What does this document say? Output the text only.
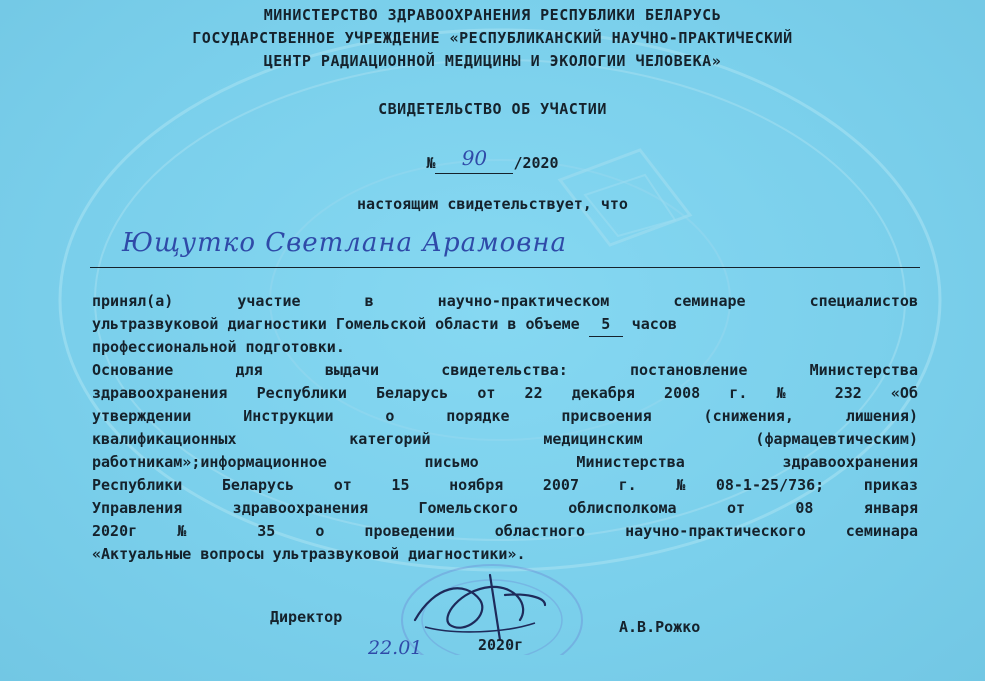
МИНИСТЕРСТВО ЗДРАВООХРАНЕНИЯ РЕСПУБЛИКИ БЕЛАРУСЬ
ГОСУДАРСТВЕННОЕ УЧРЕЖДЕНИЕ «РЕСПУБЛИКАНСКИЙ НАУЧНО-ПРАКТИЧЕСКИЙ
ЦЕНТР РАДИАЦИОННОЙ МЕДИЦИНЫ И ЭКОЛОГИИ ЧЕЛОВЕКА»
СВИДЕТЕЛЬСТВО ОБ УЧАСТИИ
№ 90 /2020
настоящим свидетельствует, что
Ющутко Светлана Арамовна
принял(а) участие в научно-практическом семинаре специалистов
ультразвуковой диагностики Гомельской области в объеме 5 часов
профессиональной подготовки.
Основание для выдачи свидетельства: постановление Министерства
здравоохранения Республики Беларусь от 22 декабря 2008 г. № 232 «Об
утверждении Инструкции о порядке присвоения (снижения, лишения)
квалификационных категорий медицинским (фармацевтическим)
работникам»;информационное письмо Министерства здравоохранения
Республики Беларусь от 15 ноября 2007 г. №08-1-25/736; приказ
Управления здравоохранения Гомельского облисполкома от 08 января
2020г № 35 о проведении областного научно-практического семинара
«Актуальные вопросы ультразвуковой диагностики».
Директор
А.В.Рожко
2020г
22.01
